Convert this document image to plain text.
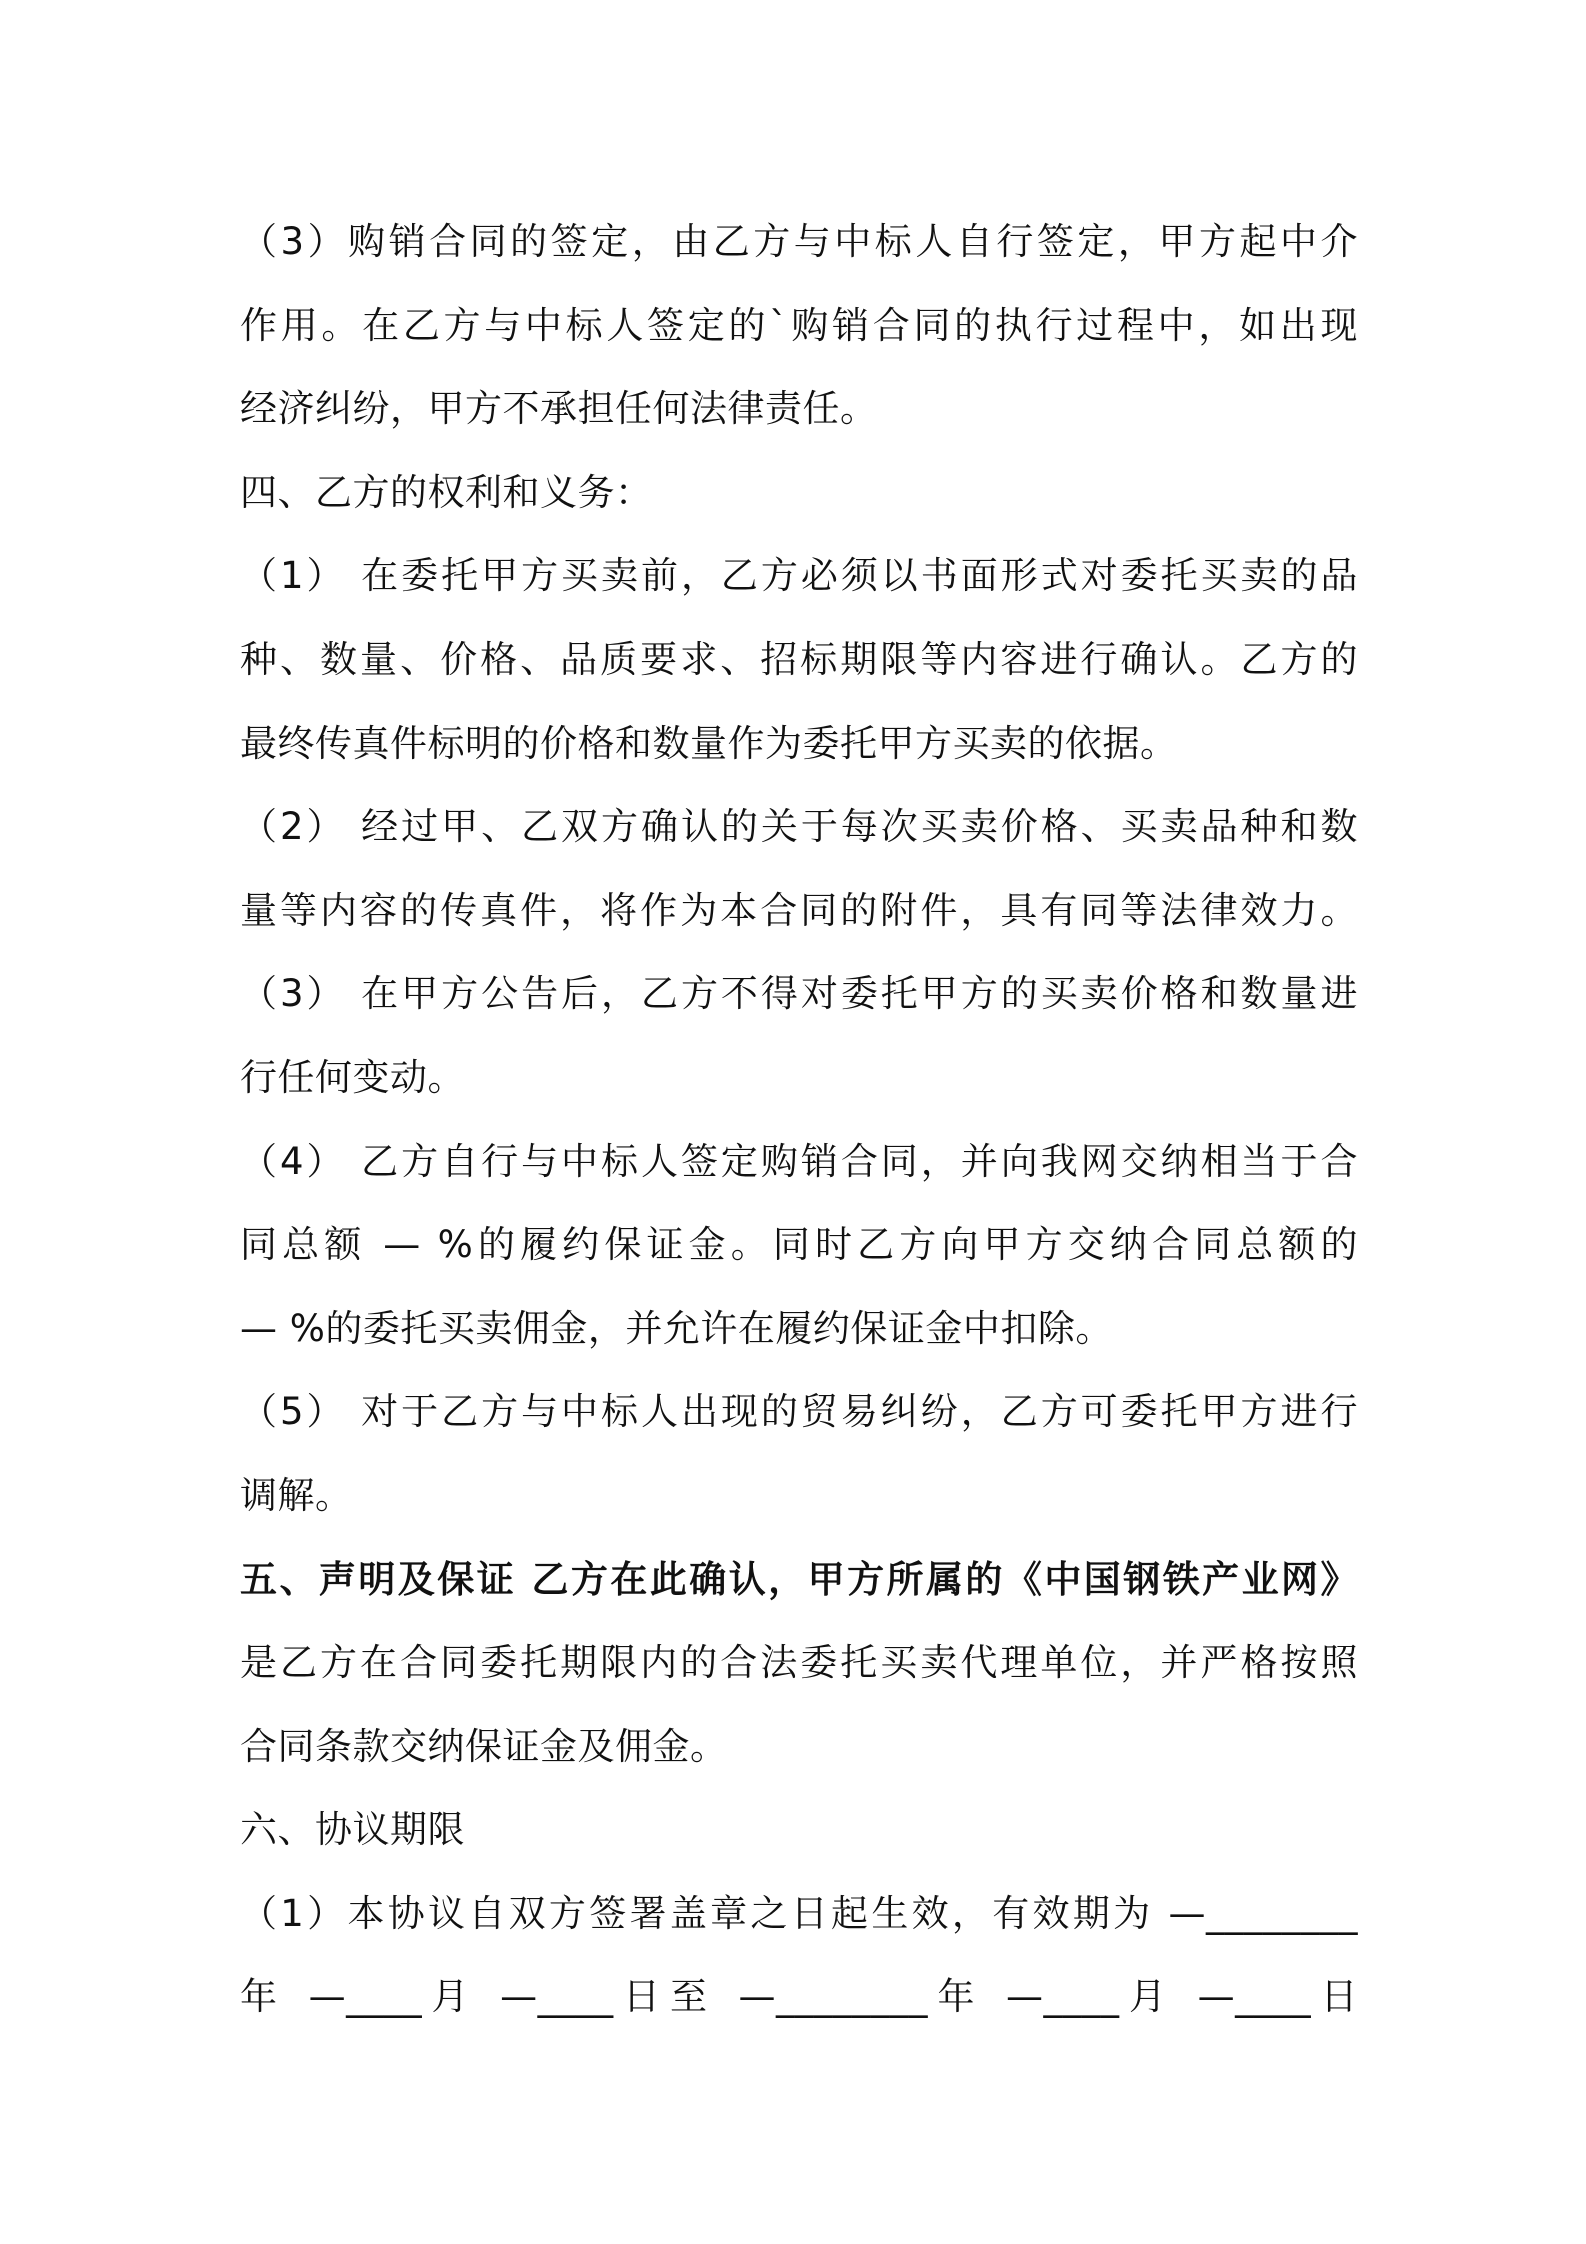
（3）购销合同的签定，由乙方与中标人自行签定，甲方起中介
作用。在乙方与中标人签定的`购销合同的执行过程中，如出现
经济纠纷，甲方不承担任何法律责任。
四、乙方的权利和义务：
（1） 在委托甲方买卖前，乙方必须以书面形式对委托买卖的品
种、数量、价格、品质要求、招标期限等内容进行确认。乙方的
最终传真件标明的价格和数量作为委托甲方买卖的依据。
（2） 经过甲、乙双方确认的关于每次买卖价格、买卖品种和数
量等内容的传真件，将作为本合同的附件，具有同等法律效力。
（3） 在甲方公告后，乙方不得对委托甲方的买卖价格和数量进
行任何变动。
（4） 乙方自行与中标人签定购销合同，并向我网交纳相当于合
同总额 — %的履约保证金。同时乙方向甲方交纳合同总额的
— %的委托买卖佣金，并允许在履约保证金中扣除。
（5） 对于乙方与中标人出现的贸易纠纷，乙方可委托甲方进行
调解。
五、声明及保证 乙方在此确认，甲方所属的《中国钢铁产业网》
是乙方在合同委托期限内的合法委托买卖代理单位，并严格按照
合同条款交纳保证金及佣金。
六、协议期限
（1）本协议自双方签署盖章之日起生效，有效期为 —________
年 —____月 —____日至 —________年 —____月 —____日
